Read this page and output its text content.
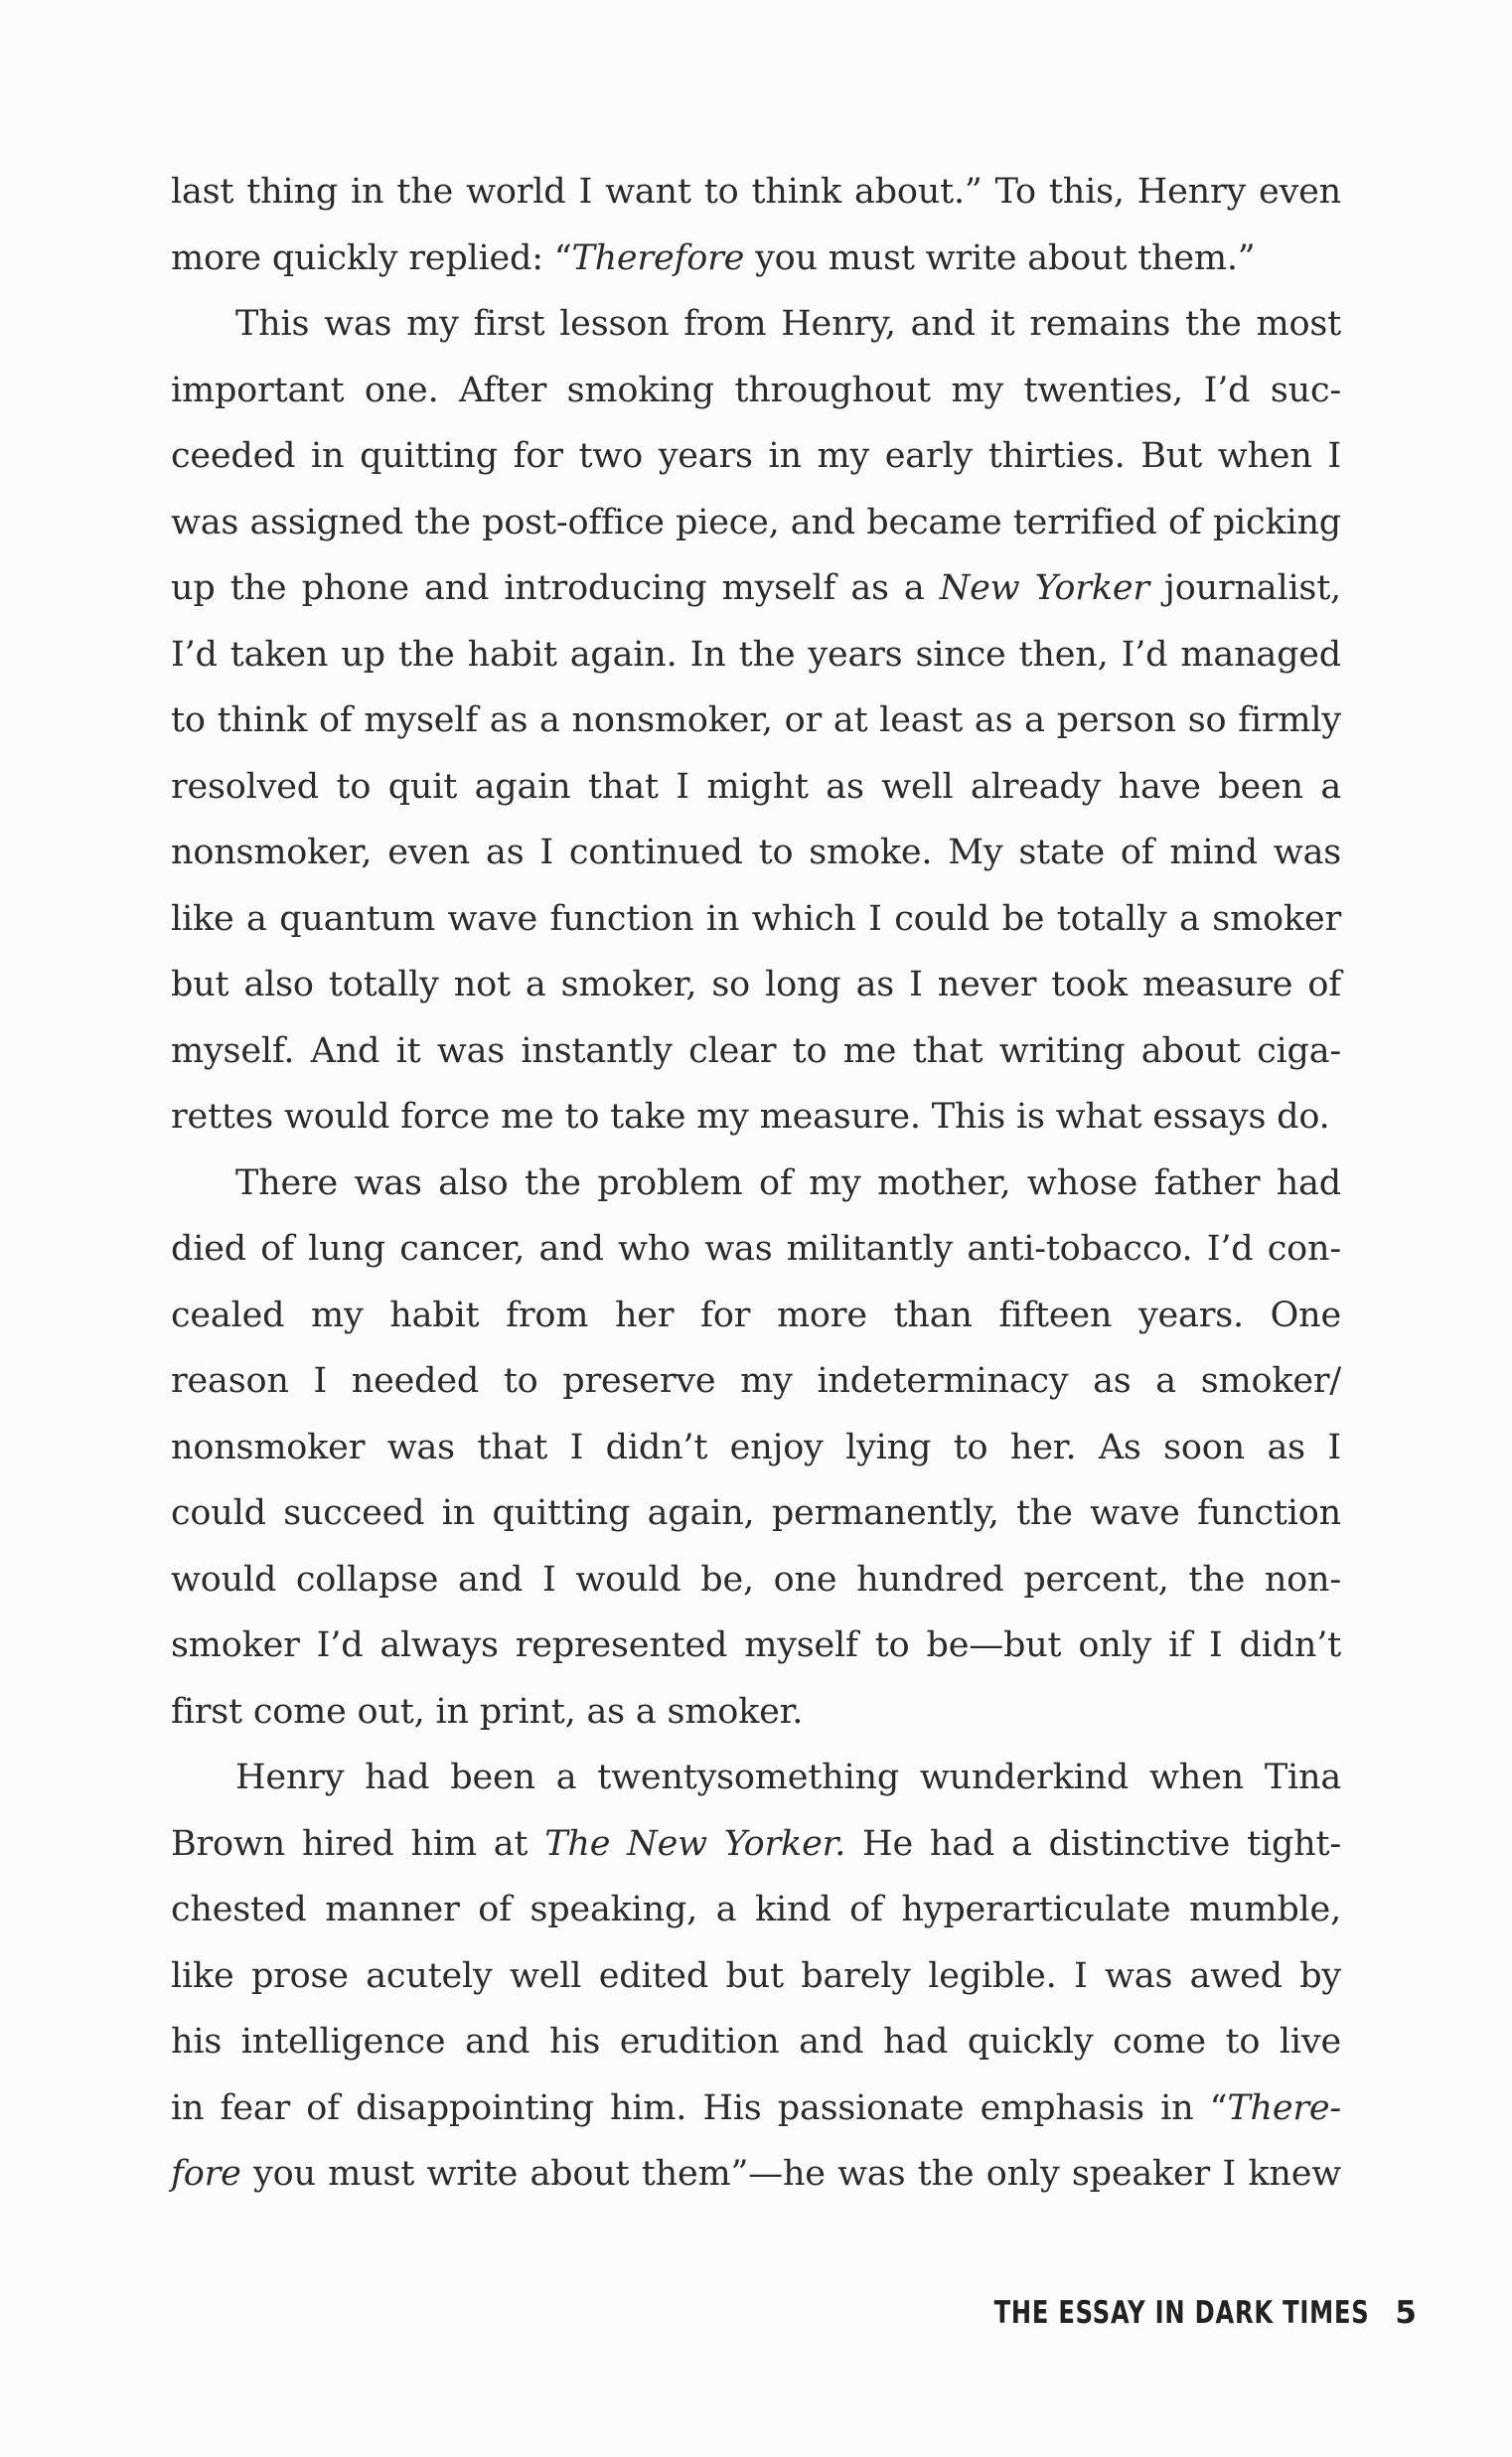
last thing in the world I want to think about.” To this, Henry even
more quickly replied: “Therefore you must write about them.”
This was my first lesson from Henry, and it remains the most
important one. After smoking throughout my twenties, I’d suc-
ceeded in quitting for two years in my early thirties. But when I
was assigned the post-office piece, and became terrified of picking
up the phone and introducing myself as a New Yorker journalist,
I’d taken up the habit again. In the years since then, I’d managed
to think of myself as a nonsmoker, or at least as a person so firmly
resolved to quit again that I might as well already have been a
nonsmoker, even as I continued to smoke. My state of mind was
like a quantum wave function in which I could be totally a smoker
but also totally not a smoker, so long as I never took measure of
myself. And it was instantly clear to me that writing about ciga-
rettes would force me to take my measure. This is what essays do.
There was also the problem of my mother, whose father had
died of lung cancer, and who was militantly anti-tobacco. I’d con-
cealed my habit from her for more than fifteen years. One
reason I needed to preserve my indeterminacy as a smoker/
nonsmoker was that I didn’t enjoy lying to her. As soon as I
could succeed in quitting again, permanently, the wave function
would collapse and I would be, one hundred percent, the non-
smoker I’d always represented myself to be—but only if I didn’t
first come out, in print, as a smoker.
Henry had been a twentysomething wunderkind when Tina
Brown hired him at The New Yorker. He had a distinctive tight-
chested manner of speaking, a kind of hyperarticulate mumble,
like prose acutely well edited but barely legible. I was awed by
his intelligence and his erudition and had quickly come to live
in fear of disappointing him. His passionate emphasis in “There-
fore you must write about them”—he was the only speaker I knew
THE ESSAY IN DARK TIMES 5
